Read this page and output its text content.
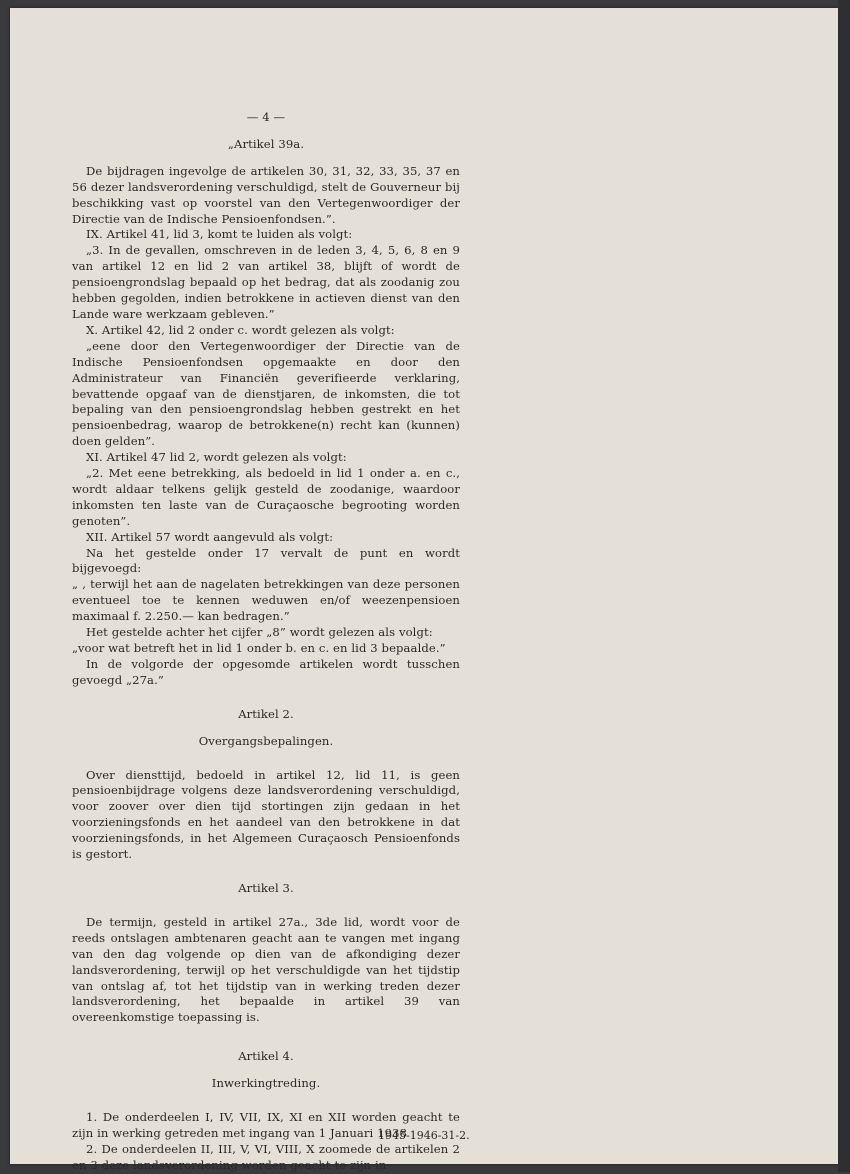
— 4 —
„Artikel 39a.

De bijdragen ingevolge de artikelen 30, 31, 32, 33, 35, 37 en 56 dezer landsverordening verschuldigd, stelt de Gouverneur bij beschikking vast op voorstel van den Vertegenwoordiger der Directie van de Indische Pensioenfondsen.”.

IX. Artikel 41, lid 3, komt te luiden als volgt:

„3. In de gevallen, omschreven in de leden 3, 4, 5, 6, 8 en 9 van artikel 12 en lid 2 van artikel 38, blijft of wordt de pensioengrondslag bepaald op het bedrag, dat als zoodanig zou hebben gegolden, indien betrokkene in actieven dienst van den Lande ware werkzaam gebleven.”

X. Artikel 42, lid 2 onder c. wordt gelezen als volgt:

„eene door den Vertegenwoordiger der Directie van de Indische Pensioenfondsen opgemaakte en door den Administrateur van Financiën geverifieerde verklaring, bevattende opgaaf van de dienstjaren, de inkomsten, die tot bepaling van den pensioengrondslag hebben gestrekt en het pensioenbedrag, waarop de betrokkene(n) recht kan (kunnen) doen gelden”.

XI. Artikel 47 lid 2, wordt gelezen als volgt:

„2. Met eene betrekking, als bedoeld in lid 1 onder a. en c., wordt aldaar telkens gelijk gesteld de zoodanige, waardoor inkomsten ten laste van de Curaçaosche begrooting worden genoten”.

XII. Artikel 57 wordt aangevuld als volgt:

Na het gestelde onder 17 vervalt de punt en wordt bijgevoegd:

„ , terwijl het aan de nagelaten betrekkingen van deze personen eventueel toe te kennen weduwen en/of weezenpensioen maximaal f. 2.250.— kan bedragen.”

Het gestelde achter het cijfer „8” wordt gelezen als volgt:

„voor wat betreft het in lid 1 onder b. en c. en lid 3 bepaalde.”

In de volgorde der opgesomde artikelen wordt tusschen gevoegd „27a.”

Artikel 2.
Overgangsbepalingen.

Over diensttijd, bedoeld in artikel 12, lid 11, is geen pensioenbijdrage volgens deze landsverordening verschuldigd, voor zoover over dien tijd stortingen zijn gedaan in het voorzieningsfonds en het aandeel van den betrokkene in dat voorzieningsfonds, in het Algemeen Curaçaosch Pensioenfonds is gestort.

Artikel 3.

De termijn, gesteld in artikel 27a., 3de lid, wordt voor de reeds ontslagen ambtenaren geacht aan te vangen met ingang van den dag volgende op dien van de afkondiging dezer landsverordening, terwijl op het verschuldigde van het tijdstip van ontslag af, tot het tijdstip van in werking treden dezer landsverordening, het bepaalde in artikel 39 van overeenkomstige toepassing is.

Artikel 4.
Inwerkingtreding.

1. De onderdeelen I, IV, VII, IX, XI en XII worden geacht te zijn in werking getreden met ingang van 1 Januari 1938

2. De onderdeelen II, III, V, VI, VIII, X zoomede de artikelen 2 en 3 deze landsverordening worden geacht te zijn in

1945-1946-31-2.
